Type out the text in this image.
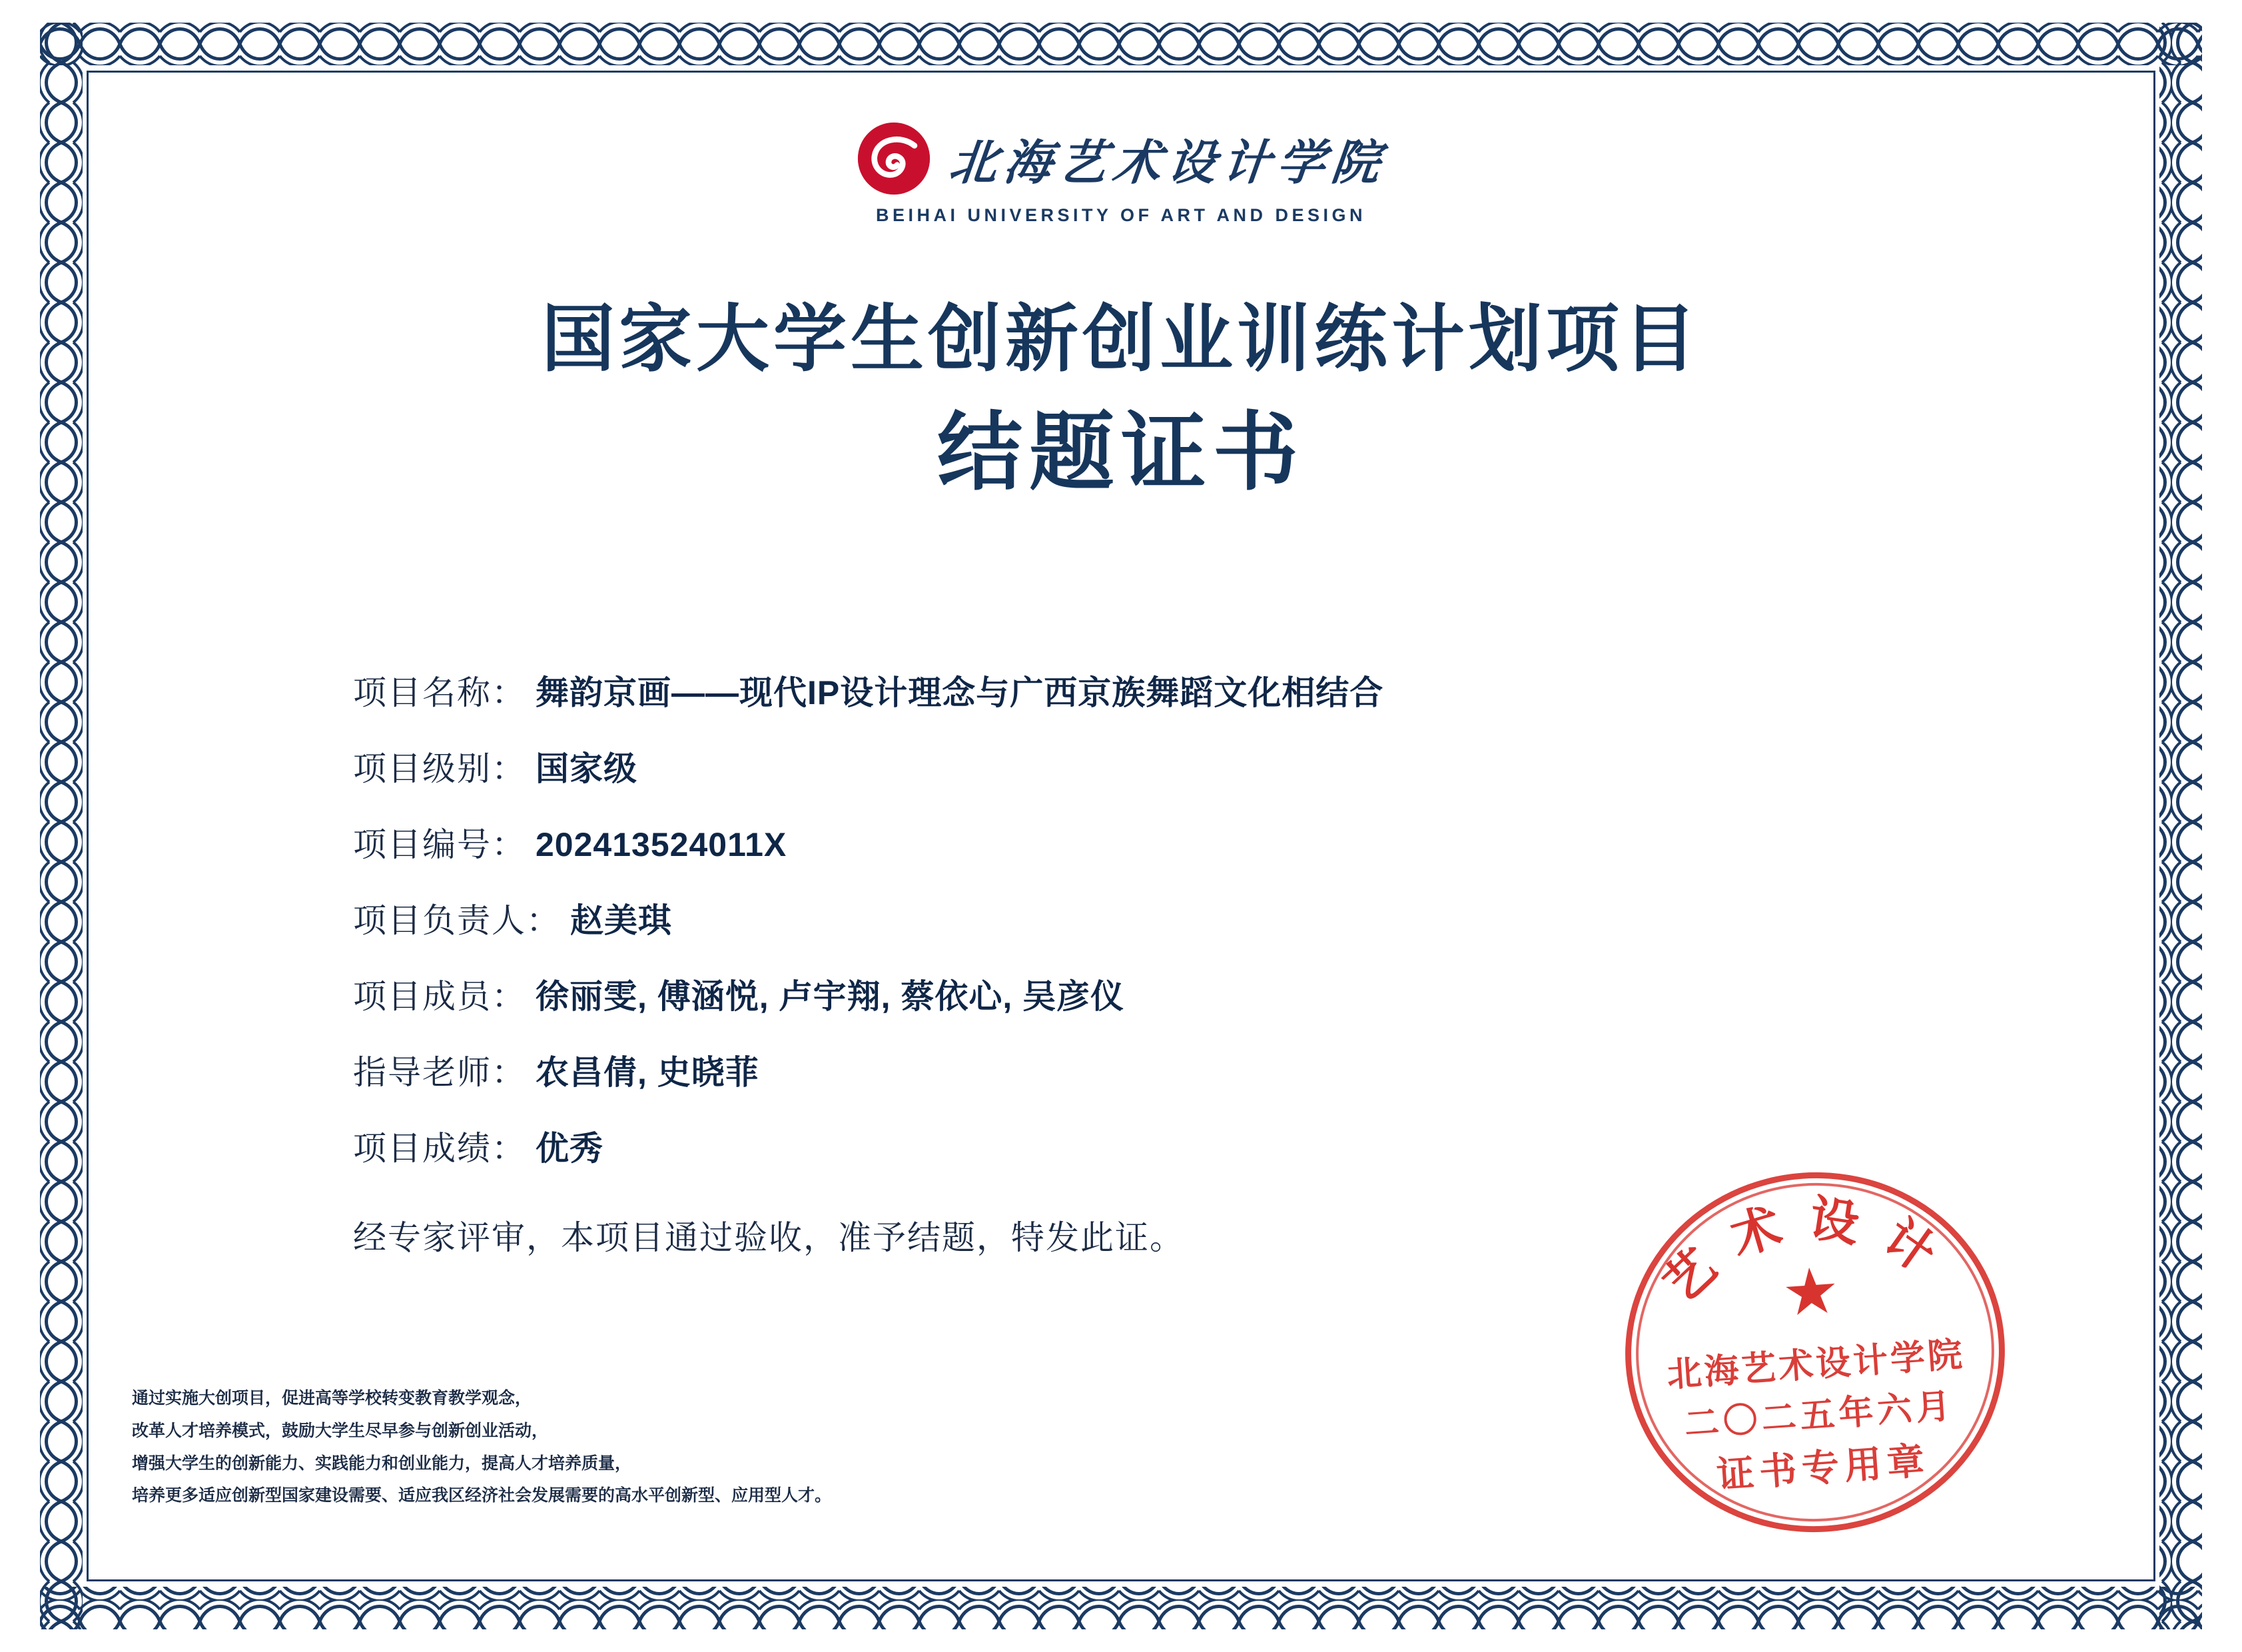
北海艺术设计学院
BEIHAI UNIVERSITY OF ART AND DESIGN
国家大学生创新创业训练计划项目
结题证书
项目名称： 舞韵京画——现代IP设计理念与广西京族舞蹈文化相结合
项目级别： 国家级
项目编号： 202413524011X
项目负责人： 赵美琪
项目成员： 徐丽雯, 傅涵悦, 卢宇翔, 蔡依心, 吴彦仪
指导老师： 农昌倩, 史晓菲
项目成绩： 优秀
经专家评审，本项目通过验收，准予结题，特发此证。
通过实施大创项目，促进高等学校转变教育教学观念，
改革人才培养模式，鼓励大学生尽早参与创新创业活动，
增强大学生的创新能力、实践能力和创业能力，提高人才培养质量，
培养更多适应创新型国家建设需要、适应我区经济社会发展需要的高水平创新型、应用型人才。
艺术设计
★
北海艺术设计学院
二〇二五年六月
证书专用章
